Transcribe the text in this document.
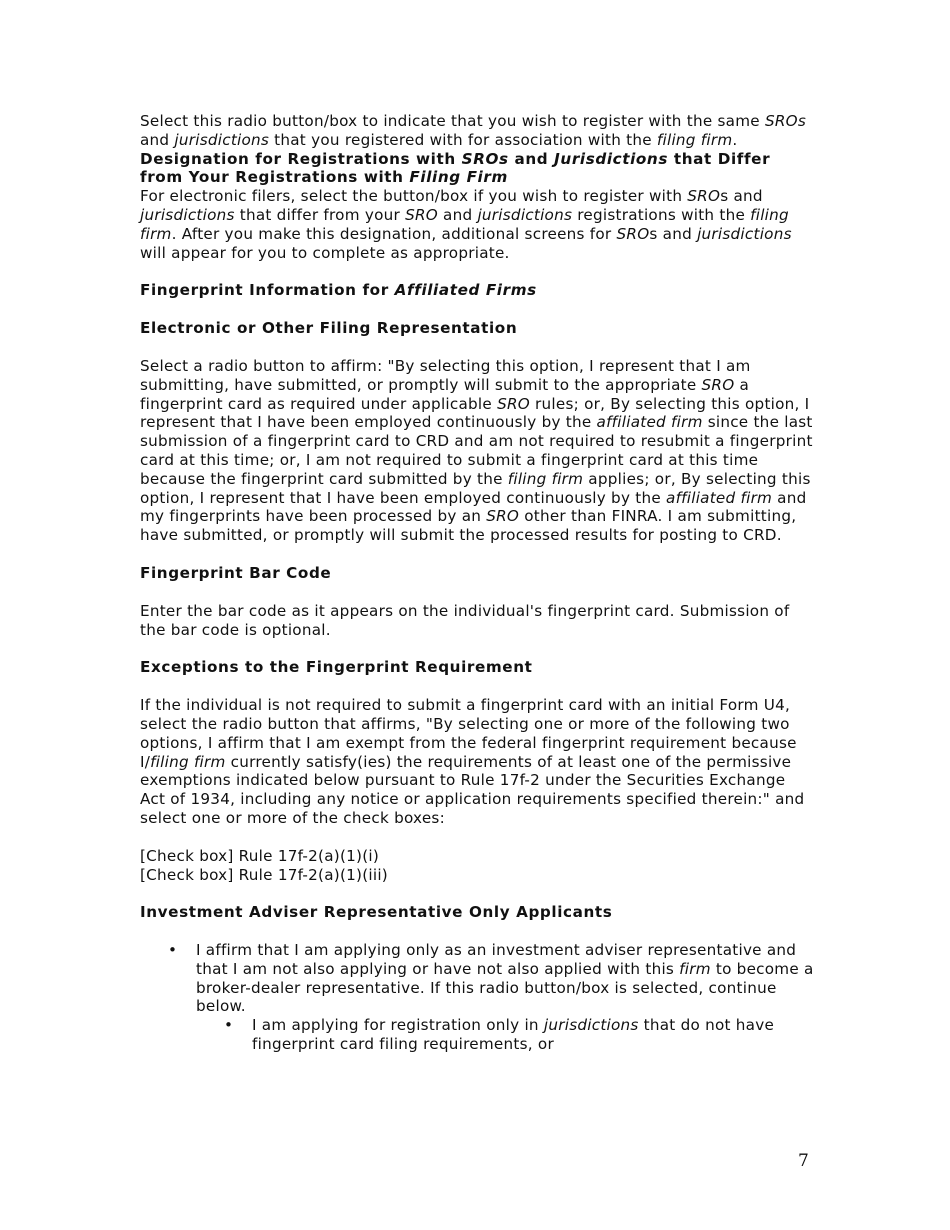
Select this radio button/box to indicate that you wish to register with the same SROs and jurisdictions that you registered with for association with the filing firm.

Designation for Registrations with SROs and Jurisdictions that Differ from Your Registrations with Filing Firm

For electronic filers, select the button/box if you wish to register with SROs and jurisdictions that differ from your SRO and jurisdictions registrations with the filing firm. After you make this designation, additional screens for SROs and jurisdictions will appear for you to complete as appropriate.

Fingerprint Information for Affiliated Firms

Electronic or Other Filing Representation

Select a radio button to affirm: "By selecting this option, I represent that I am submitting, have submitted, or promptly will submit to the appropriate SRO a fingerprint card as required under applicable SRO rules; or, By selecting this option, I represent that I have been employed continuously by the affiliated firm since the last submission of a fingerprint card to CRD and am not required to resubmit a fingerprint card at this time; or, I am not required to submit a fingerprint card at this time because the fingerprint card submitted by the filing firm applies; or, By selecting this option, I represent that I have been employed continuously by the affiliated firm and my fingerprints have been processed by an SRO other than FINRA. I am submitting, have submitted, or promptly will submit the processed results for posting to CRD.

Fingerprint Bar Code

Enter the bar code as it appears on the individual's fingerprint card. Submission of the bar code is optional.

Exceptions to the Fingerprint Requirement

If the individual is not required to submit a fingerprint card with an initial Form U4, select the radio button that affirms, "By selecting one or more of the following two options, I affirm that I am exempt from the federal fingerprint requirement because I/filing firm currently satisfy(ies) the requirements of at least one of the permissive exemptions indicated below pursuant to Rule 17f-2 under the Securities Exchange Act of 1934, including any notice or application requirements specified therein:" and select one or more of the check boxes:

[Check box] Rule 17f-2(a)(1)(i)

[Check box] Rule 17f-2(a)(1)(iii)

Investment Adviser Representative Only Applicants

• I affirm that I am applying only as an investment adviser representative and that I am not also applying or have not also applied with this firm to become a broker-dealer representative. If this radio button/box is selected, continue below.
• I am applying for registration only in jurisdictions that do not have fingerprint card filing requirements, or
7
